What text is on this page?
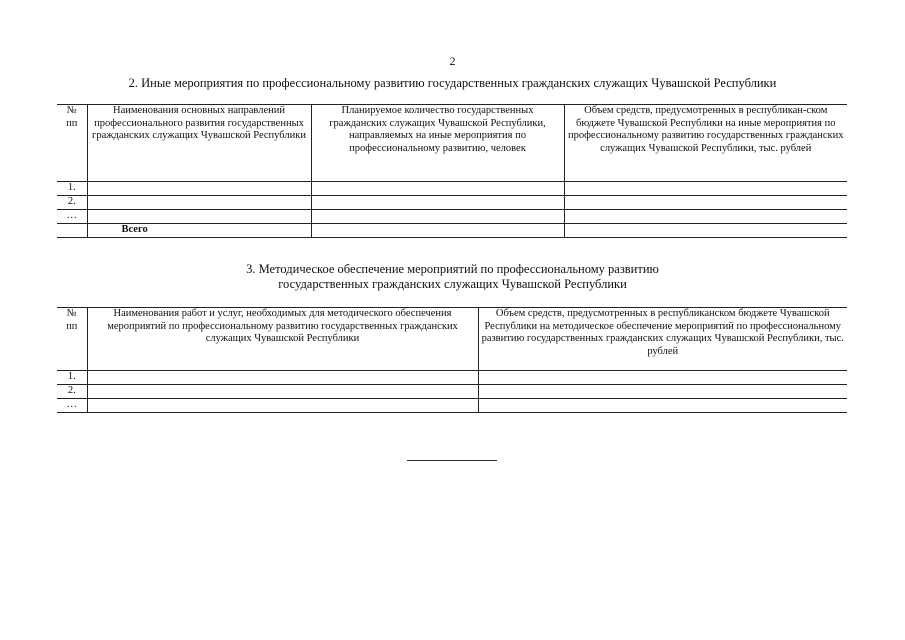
2
2. Иные мероприятия по профессиональному развитию государственных гражданских служащих Чувашской Республики
№ пп	Наименования основных направлений профессионального развития государственных гражданских служащих Чувашской Республики	Планируемое количество государственных гражданских служащих Чувашской Республики, направляемых на иные мероприятия по профессиональному развитию, человек	Объем средств, предусмотренных в республикан-ском бюджете Чувашской Республики на иные мероприятия по профессиональному развитию государственных гражданских служащих Чувашской Республики, тыс. рублей
1.			
2.			
…			
	Всего		
3. Методическое обеспечение мероприятий по профессиональному развитию
государственных гражданских служащих Чувашской Республики
№ пп	Наименования работ и услуг, необходимых для методического обеспечения мероприятий по профессиональному развитию государственных гражданских служащих Чувашской Республики	Объем средств, предусмотренных в республиканском бюджете Чувашской Республики на методическое обеспечение мероприятий по профессиональному развитию государственных гражданских служащих Чувашской Республики, тыс. рублей
1.		
2.		
…		
